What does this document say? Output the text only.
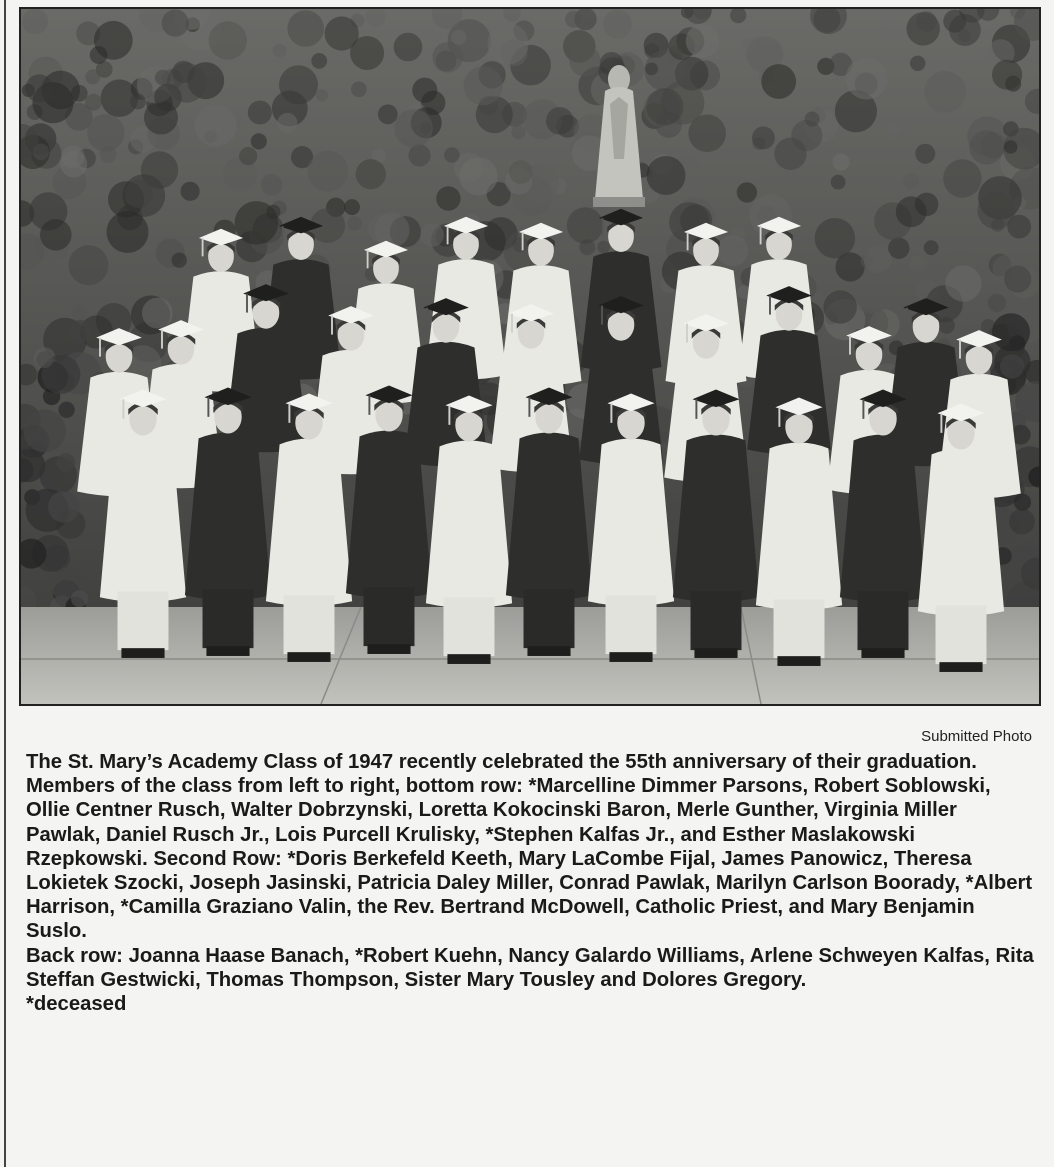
Submitted Photo

The St. Mary’s Academy Class of 1947 recently celebrated the 55th anniversary of their graduation.

Members of the class from left to right, bottom row: *Marcelline Dimmer Parsons, Robert Soblowski, Ollie Centner Rusch, Walter Dobrzynski, Loretta Kokocinski Baron, Merle Gunther, Virginia Miller Pawlak, Daniel Rusch Jr., Lois Purcell Krulisky, *Stephen Kalfas Jr., and Esther Maslakowski Rzepkowski. Second Row: *Doris Berkefeld Keeth, Mary LaCombe Fijal, James Panowicz, Theresa Lokietek Szocki, Joseph Jasinski, Patricia Daley Miller, Conrad Pawlak, Marilyn Carlson Boorady, *Albert Harrison, *Camilla Graziano Valin, the Rev. Bertrand McDowell, Catholic Priest, and Mary Benjamin Suslo.

Back row: Joanna Haase Banach, *Robert Kuehn, Nancy Galardo Williams, Arlene Schweyen Kalfas, Rita Steffan Gestwicki, Thomas Thompson, Sister Mary Tousley and Dolores Gregory.

*deceased
